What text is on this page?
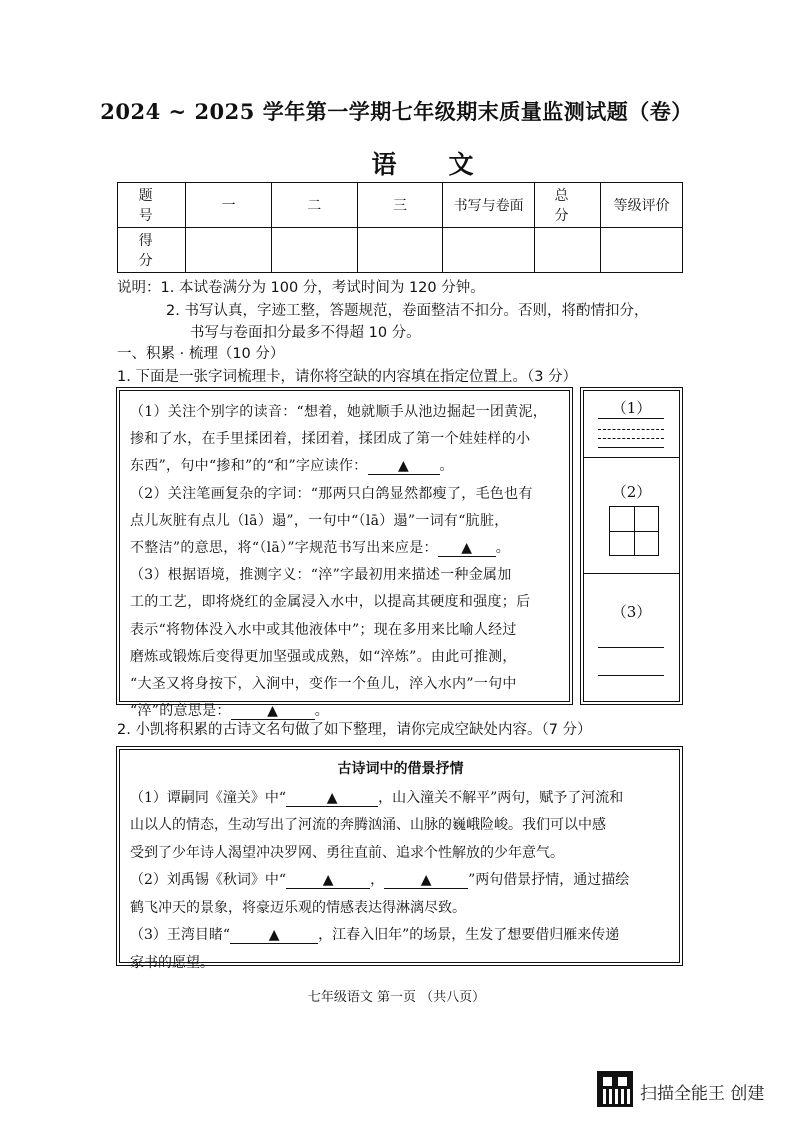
2024 ~ 2025 学年第一学期七年级期末质量监测试题（卷）
语文
题 号	一	二	三	书写与卷面	总 分	等级评价
得 分						
说明：1. 本试卷满分为 100 分，考试时间为 120 分钟。
2. 书写认真，字迹工整，答题规范，卷面整洁不扣分。否则，将酌情扣分，
书写与卷面扣分最多不得超 10 分。
一、积累 · 梳理（10 分）
1. 下面是一张字词梳理卡，请你将空缺的内容填在指定位置上。（3 分）
（1）关注个别字的读音：“想着，她就顺手从池边掘起一团黄泥，
掺和了水，在手里揉团着，揉团着，揉团成了第一个娃娃样的小
东西”，句中“掺和”的“和”字应读作： ▲ 。
（2）关注笔画复杂的字词：“那两只白鸽显然都瘦了，毛色也有
点儿灰脏有点儿（lā）遢”，一句中“（lā）遢”一词有“肮脏，
不整洁”的意思，将“（lā）”字规范书写出来应是： ▲ 。
（3）根据语境，推测字义：“淬”字最初用来描述一种金属加
工的工艺，即将烧红的金属浸入水中，以提高其硬度和强度；后
表示“将物体没入水中或其他液体中”；现在多用来比喻人经过
磨炼或锻炼后变得更加坚强或成熟，如“淬炼”。由此可推测，
“大圣又将身按下，入涧中，变作一个鱼儿，淬入水内”一句中
“淬”的意思是：	▲	。
（1）
（2）
（3）
2. 小凯将积累的古诗文名句做了如下整理，请你完成空缺处内容。（7 分）
古诗词中的借景抒情
（1）谭嗣同《潼关》中“	▲	，山入潼关不解平”两句，赋予了河流和
山以人的情态，生动写出了河流的奔腾汹涌、山脉的巍峨险峻。我们可以中感
受到了少年诗人渴望冲决罗网、勇往直前、追求个性解放的少年意气。
（2）刘禹锡《秋词》中“	▲	，	▲	”两句借景抒情，通过描绘
鹤飞冲天的景象，将豪迈乐观的情感表达得淋漓尽致。
（3）王湾目睹“	▲	，江春入旧年”的场景，生发了想要借归雁来传递
家书的愿望。
七年级语文 第一页 （共八页）
扫描全能王 创建
